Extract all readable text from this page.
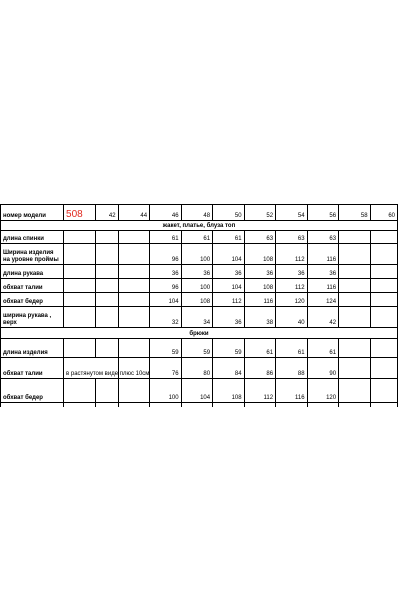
номер модели	508	42	44	46	48	50	52	54	56	58	60
жакет, платье, блуза топ											
длина спинки				61	61	61	63	63	63		
Ширина изделия на уровне проймы				96	100	104	108	112	116		
длина рукава				36	36	36	36	36	36		
обхват талии				96	100	104	108	112	116		
обхват бедер				104	108	112	116	120	124		
ширина рукава , верх				32	34	36	38	40	42		
брюки											
длина изделия				59	59	59	61	61	61		
обхват талии	в растянутом виде плюс 10см			76	80	84	86	88	90		
обхват бедер				100	104	108	112	116	120		
